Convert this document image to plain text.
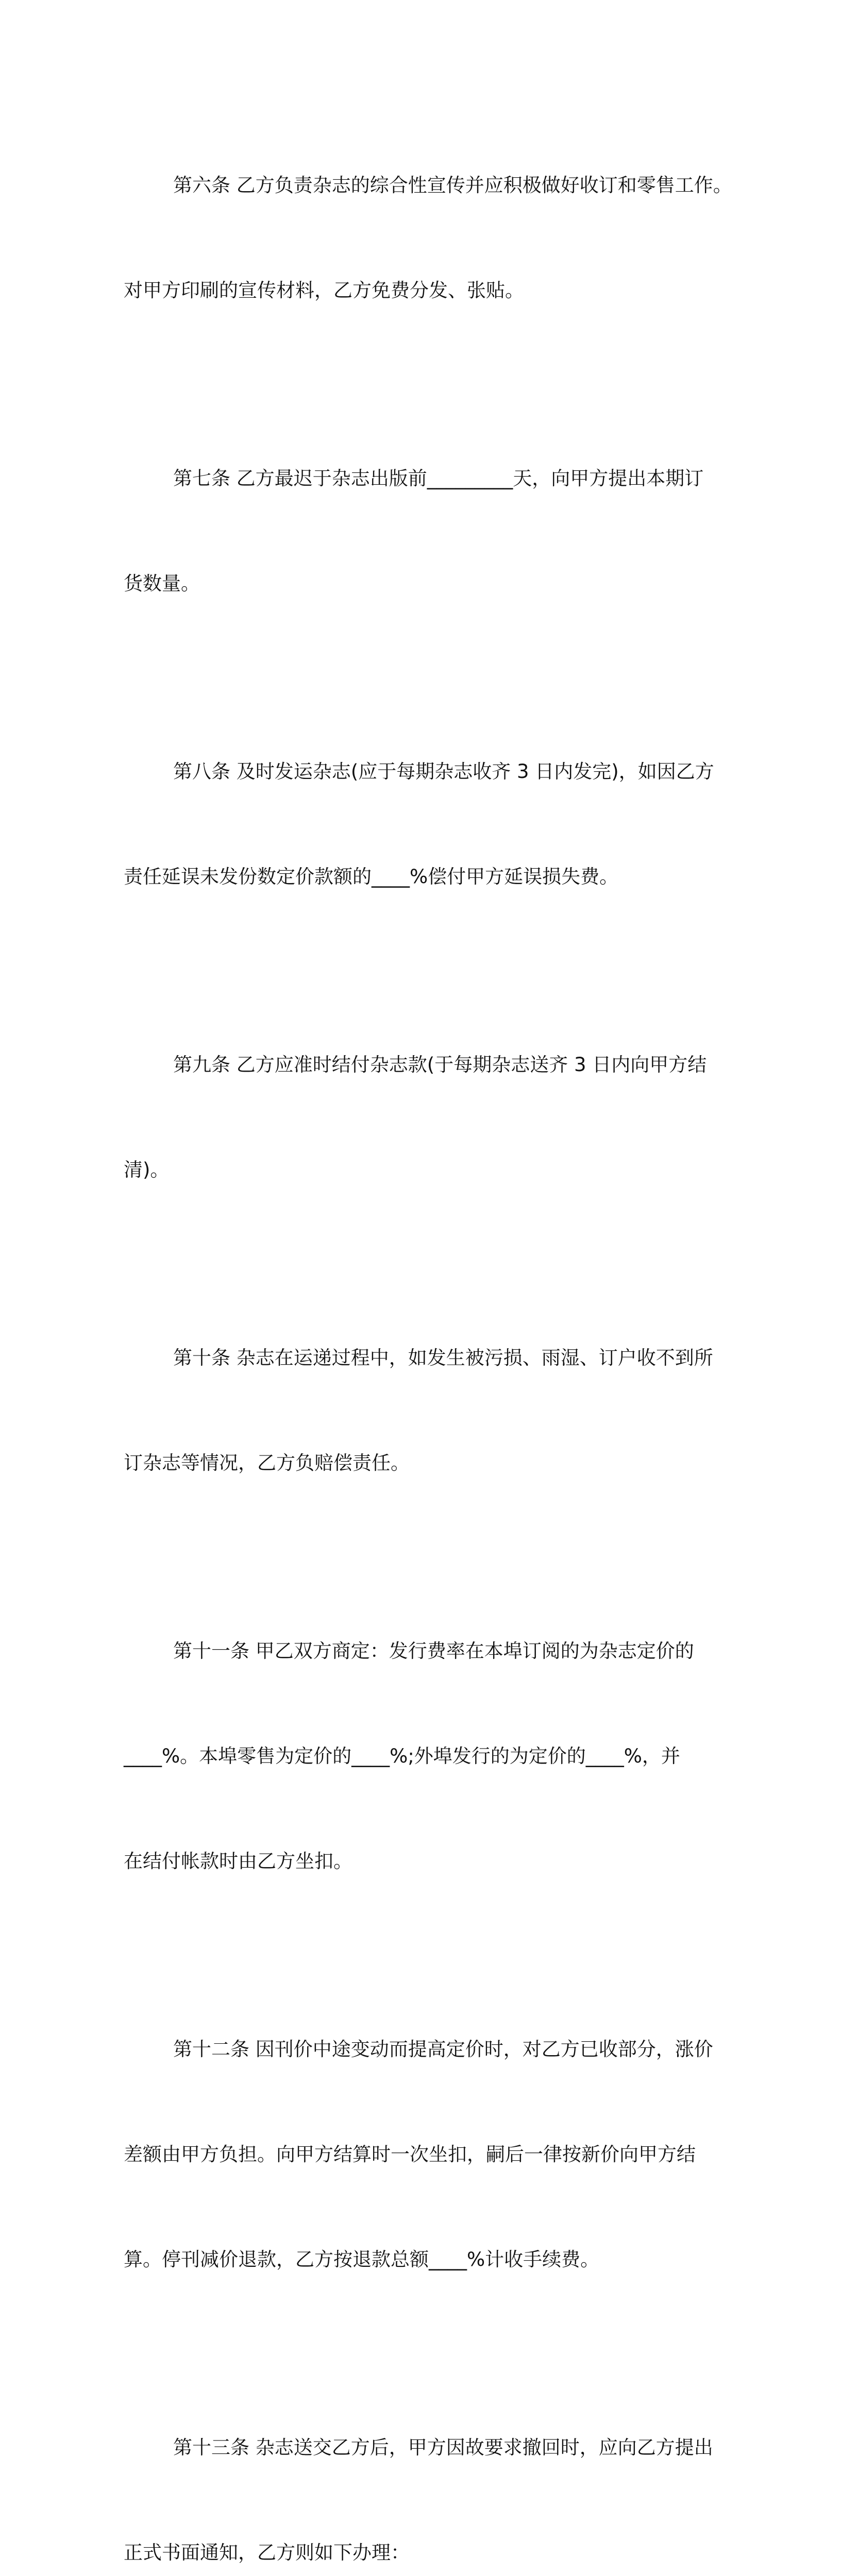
第六条 乙方负责杂志的综合性宣传并应积极做好收订和零售工作。

对甲方印刷的宣传材料，乙方免费分发、张贴。

第七条 乙方最迟于杂志出版前_________天，向甲方提出本期订

货数量。

第八条 及时发运杂志(应于每期杂志收齐 3 日内发完)，如因乙方

责任延误未发份数定价款额的____%偿付甲方延误损失费。

第九条 乙方应准时结付杂志款(于每期杂志送齐 3 日内向甲方结

清)。

第十条 杂志在运递过程中，如发生被污损、雨湿、订户收不到所

订杂志等情况，乙方负赔偿责任。

第十一条 甲乙双方商定：发行费率在本埠订阅的为杂志定价的

____%。本埠零售为定价的____%;外埠发行的为定价的____%，并

在结付帐款时由乙方坐扣。

第十二条 因刊价中途变动而提高定价时，对乙方已收部分，涨价

差额由甲方负担。向甲方结算时一次坐扣，嗣后一律按新价向甲方结

算。停刊减价退款，乙方按退款总额____%计收手续费。

第十三条 杂志送交乙方后，甲方因故要求撤回时，应向乙方提出

正式书面通知，乙方则如下办理：
